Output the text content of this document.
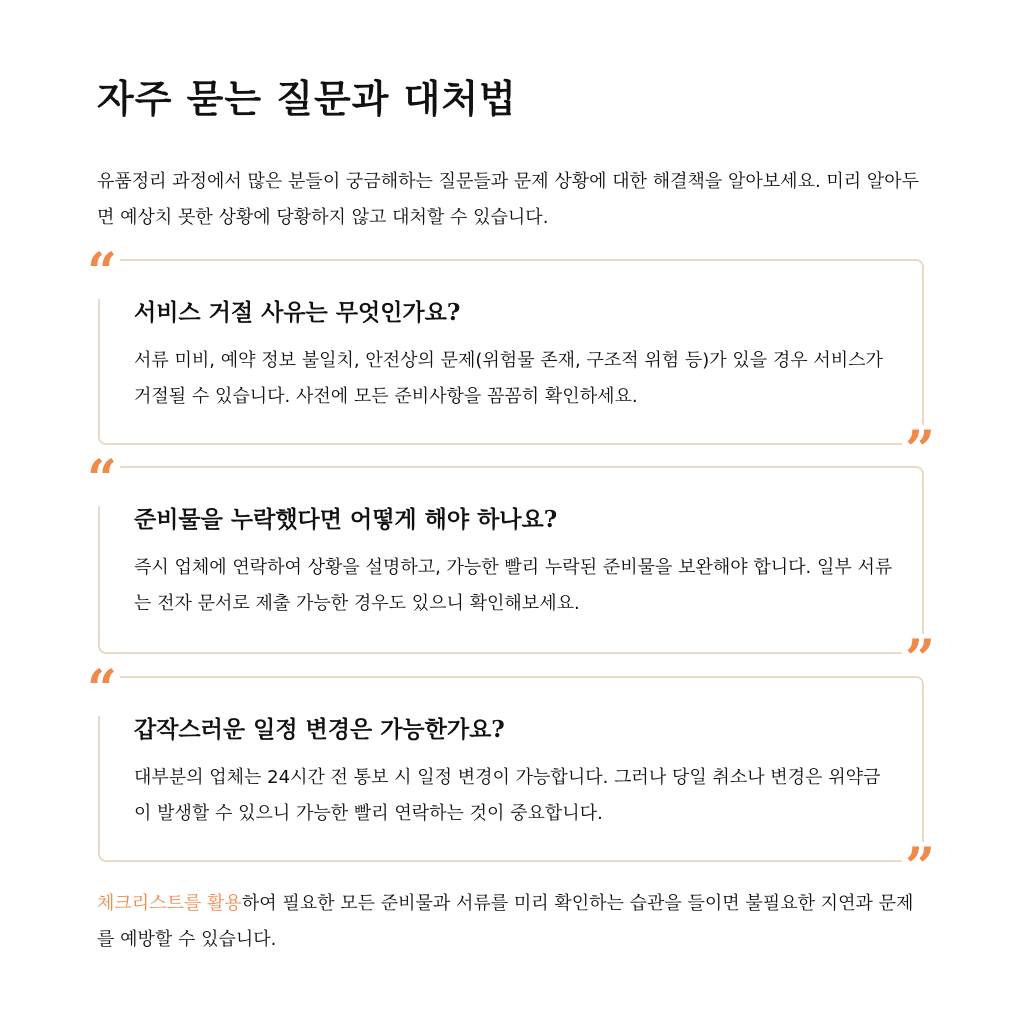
자주 묻는 질문과 대처법

유품정리 과정에서 많은 분들이 궁금해하는 질문들과 문제 상황에 대한 해결책을 알아보세요. 미리 알아두면 예상치 못한 상황에 당황하지 않고 대처할 수 있습니다.

“
서비스 거절 사유는 무엇인가요?

서류 미비, 예약 정보 불일치, 안전상의 문제(위험물 존재, 구조적 위험 등)가 있을 경우 서비스가 거절될 수 있습니다. 사전에 모든 준비사항을 꼼꼼히 확인하세요.

”
“
준비물을 누락했다면 어떻게 해야 하나요?

즉시 업체에 연락하여 상황을 설명하고, 가능한 빨리 누락된 준비물을 보완해야 합니다. 일부 서류는 전자 문서로 제출 가능한 경우도 있으니 확인해보세요.

”
“
갑작스러운 일정 변경은 가능한가요?

대부분의 업체는 24시간 전 통보 시 일정 변경이 가능합니다. 그러나 당일 취소나 변경은 위약금이 발생할 수 있으니 가능한 빨리 연락하는 것이 중요합니다.

”

체크리스트를 활용하여 필요한 모든 준비물과 서류를 미리 확인하는 습관을 들이면 불필요한 지연과 문제를 예방할 수 있습니다.
